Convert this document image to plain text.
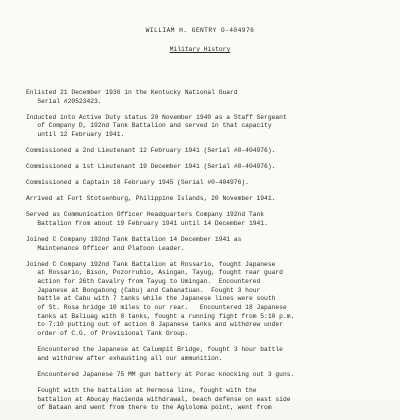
WILLIAM H. GENTRY O-404976
Military History
Enlisted 21 December 1936 in the Kentucky National Guard
Serial #20523423.
Inducted into Active Duty status 20 November 1940 as a Staff Sergeant
of Company D, 192nd Tank Battalion and served in that capacity
until 12 February 1941.
Commissioned a 2nd Lieutenant 12 February 1941 (Serial #0-404976).
Commissioned a 1st Lieutenant 19 December 1941 (Serial #0-404976).
Commissioned a Captain 18 February 1945 (Serial #0-404976).
Arrived at Fort Stotsenburg, Philippine Islands, 20 November 1941.
Served as Communication Officer Headquarters Company 192nd Tank
Battalion from about 19 February 1941 until 14 December 1941.
Joined C Company 192nd Tank Battalion 14 December 1941 as
Maintenance Officer and Platoon Leader.
Joined C Company 192nd Tank Battalion at Rossario, fought Japanese
at Rossario, Bison, Pozorrubio, Asingan, Tayug, fought rear guard
action for 26th Cavalry from Tayug to Umingan.  Encountered
Japanese at Bongabong (Cabu) and Cabanatuan.  Fought 3 hour
battle at Cabu with 7 tanks while the Japanese lines were south
of St. Rosa bridge 10 miles to our rear.   Encountered 18 Japanese
tanks at Baliuag with 8 tanks, fought a running fight from 5:10 p.m.
to 7:10 putting out of action 8 Japanese tanks and withdrew under
order of C.G. of Provisional Tank Group.
Encountered the Japanese at Calumpit Bridge, fought 3 hour battle
and withdrew after exhausting all our ammunition.
Encountered Japanese 75 MM gun battery at Porac knocking out 3 guns.
Fought with the battalion at Hermosa line, fought with the
battalion at Abucay Hacienda withdrawal, beach defense on east side
of Bataan and went from there to the Agloloma point, went from
